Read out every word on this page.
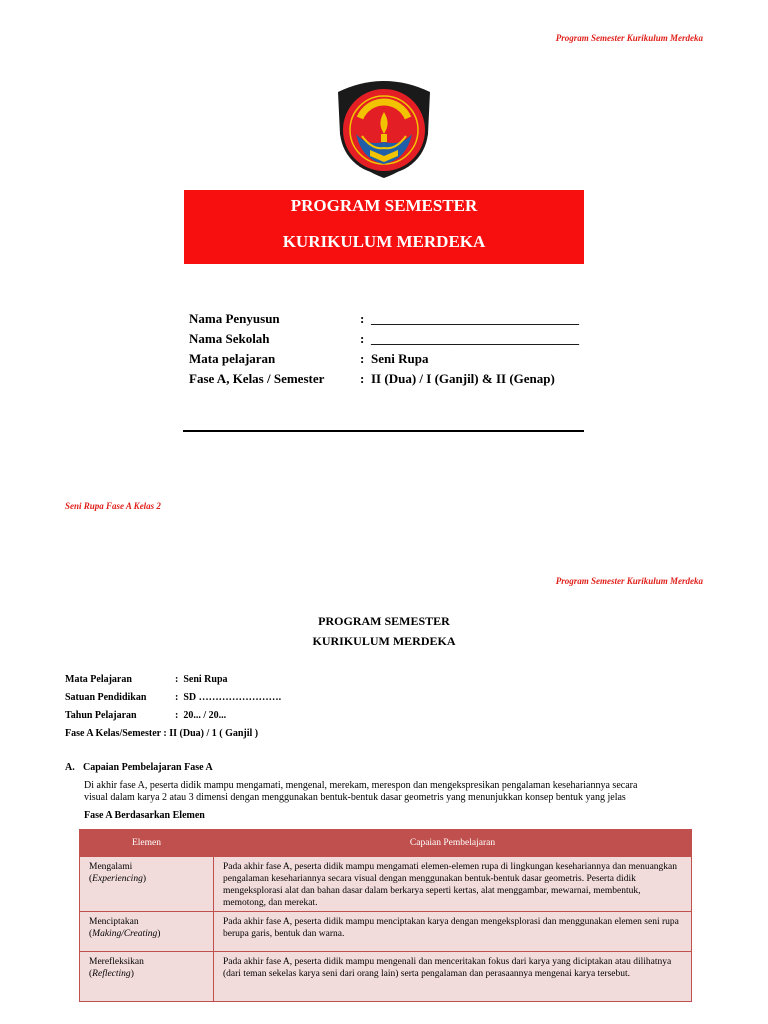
Program Semester Kurikulum Merdeka
PROGRAM SEMESTER
KURIKULUM MERDEKA
Nama Penyusun	: ________________________________
Nama Sekolah	: ________________________________
Mata pelajaran	: Seni Rupa
Fase A, Kelas / Semester	: II (Dua) / I (Ganjil) & II (Genap)
Seni Rupa Fase A Kelas 2
Program Semester Kurikulum Merdeka
PROGRAM SEMESTER
KURIKULUM MERDEKA
Mata Pelajaran	: Seni Rupa
Satuan Pendidikan	: SD …………………….
Tahun Pelajaran	: 20... / 20...
Fase A Kelas/Semester : II (Dua) / 1 ( Ganjil )
A. Capaian Pembelajaran Fase A
Di akhir fase A, peserta didik mampu mengamati, mengenal, merekam, merespon dan mengekspresikan pengalaman kesehariannya secara
visual dalam karya 2 atau 3 dimensi dengan menggunakan bentuk-bentuk dasar geometris yang menunjukkan konsep bentuk yang jelas
Fase A Berdasarkan Elemen
Elemen	Capaian Pembelajaran

Mengalami
(Experiencing)	Pada akhir fase A, peserta didik mampu mengamati elemen-elemen rupa di lingkungan kesehariannya dan menuangkan pengalaman kesehariannya secara visual dengan menggunakan bentuk-bentuk dasar geometris. Peserta didik mengeksplorasi alat dan bahan dasar dalam berkarya seperti kertas, alat menggambar, mewarnai, membentuk, memotong, dan merekat.

Menciptakan
(Making/Creating)	Pada akhir fase A, peserta didik mampu menciptakan karya dengan mengeksplorasi dan menggunakan elemen seni rupa berupa garis, bentuk dan warna.

Merefleksikan
(Reflecting)	Pada akhir fase A, peserta didik mampu mengenali dan menceritakan fokus dari karya yang diciptakan atau dilihatnya (dari teman sekelas karya seni dari orang lain) serta pengalaman dan perasaannya mengenai karya tersebut.
